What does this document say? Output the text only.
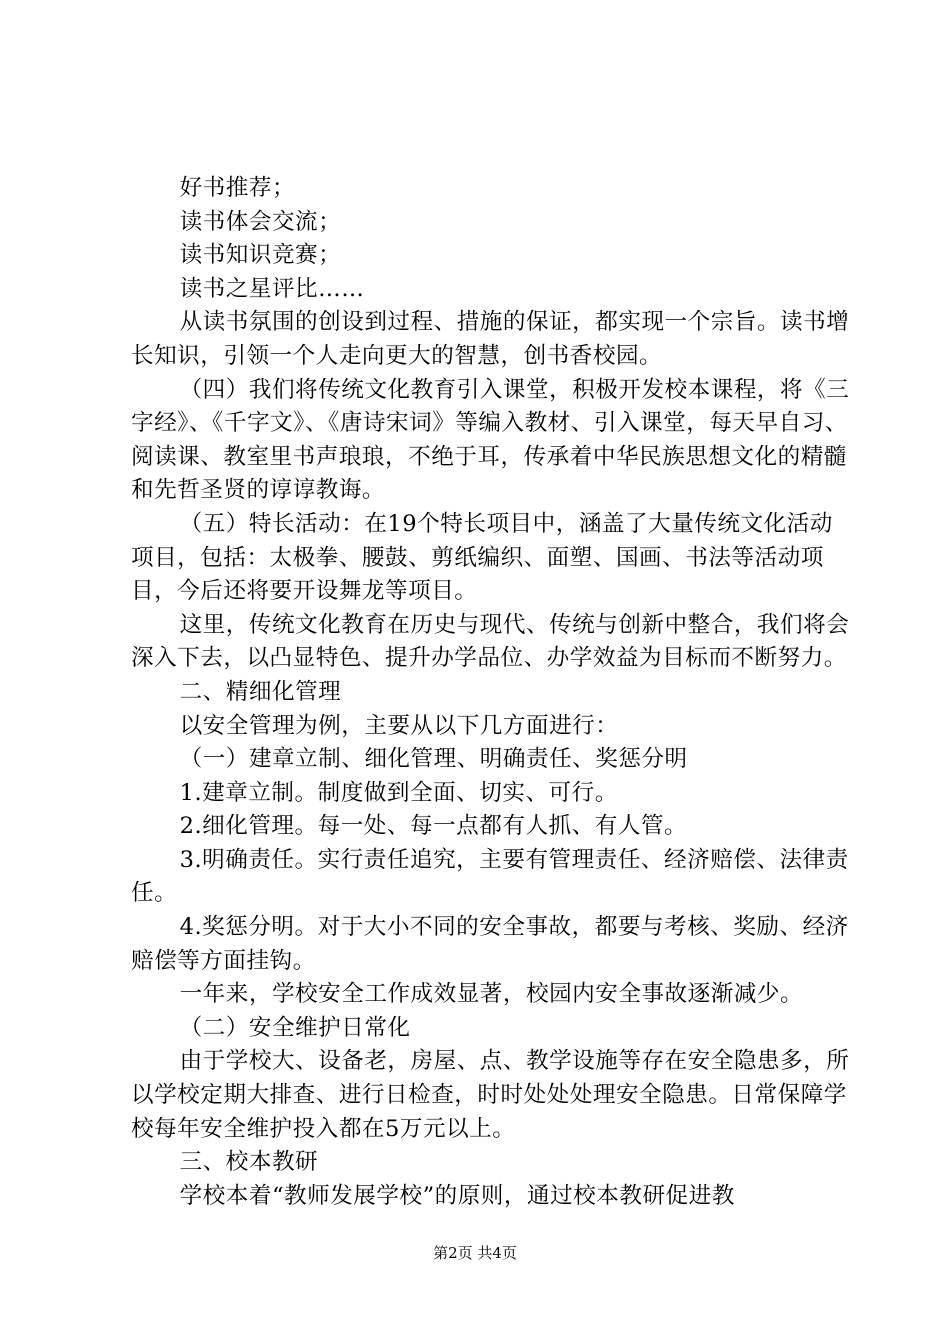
好书推荐；

读书体会交流；

读书知识竞赛；

读书之星评比……

从读书氛围的创设到过程、措施的保证，都实现一个宗旨。读书增长知识，引领一个人走向更大的智慧，创书香校园。

（四）我们将传统文化教育引入课堂，积极开发校本课程，将《三字经》、《千字文》、《唐诗宋词》等编入教材、引入课堂，每天早自习、阅读课、教室里书声琅琅，不绝于耳，传承着中华民族思想文化的精髓和先哲圣贤的谆谆教诲。

（五）特长活动：在19个特长项目中，涵盖了大量传统文化活动项目，包括：太极拳、腰鼓、剪纸编织、面塑、国画、书法等活动项目，今后还将要开设舞龙等项目。

这里，传统文化教育在历史与现代、传统与创新中整合，我们将会深入下去，以凸显特色、提升办学品位、办学效益为目标而不断努力。

二、精细化管理

以安全管理为例，主要从以下几方面进行：

（一）建章立制、细化管理、明确责任、奖惩分明

1.建章立制。制度做到全面、切实、可行。

2.细化管理。每一处、每一点都有人抓、有人管。

3.明确责任。实行责任追究，主要有管理责任、经济赔偿、法律责任。

4.奖惩分明。对于大小不同的安全事故，都要与考核、奖励、经济赔偿等方面挂钩。

一年来，学校安全工作成效显著，校园内安全事故逐渐减少。

（二）安全维护日常化

由于学校大、设备老，房屋、点、教学设施等存在安全隐患多，所以学校定期大排查、进行日检查，时时处处处理安全隐患。日常保障学校每年安全维护投入都在5万元以上。

三、校本教研

学校本着“教师发展学校”的原则，通过校本教研促进教

第2页 共4页
